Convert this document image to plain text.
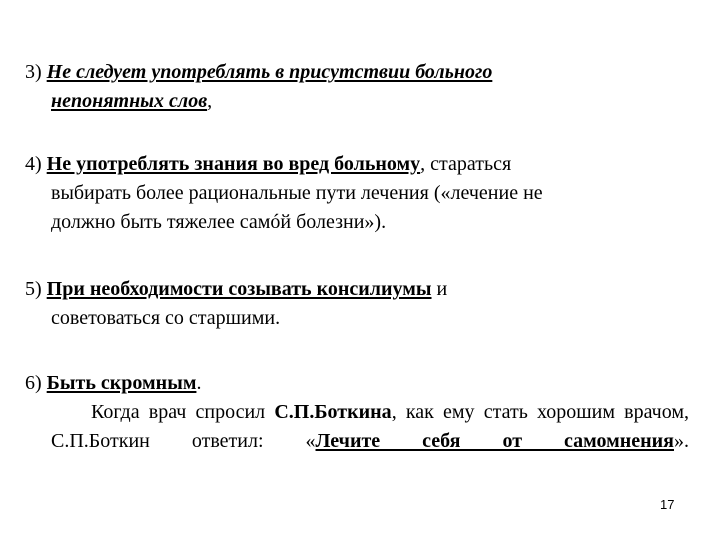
3) Не следует употреблять в присутствии больного
непонятных слов,
4) Не употреблять знания во вред больному, стараться
выбирать более рациональные пути лечения («лечение не
должно быть тяжелее самóй болезни»).
5) При необходимости созывать консилиумы и
советоваться со старшими.
6) Быть скромным.
Когда врач спросил С.П.Боткина, как ему стать хорошим врачом, С.П.Боткин ответил: «Лечите себя от самомнения».
17
